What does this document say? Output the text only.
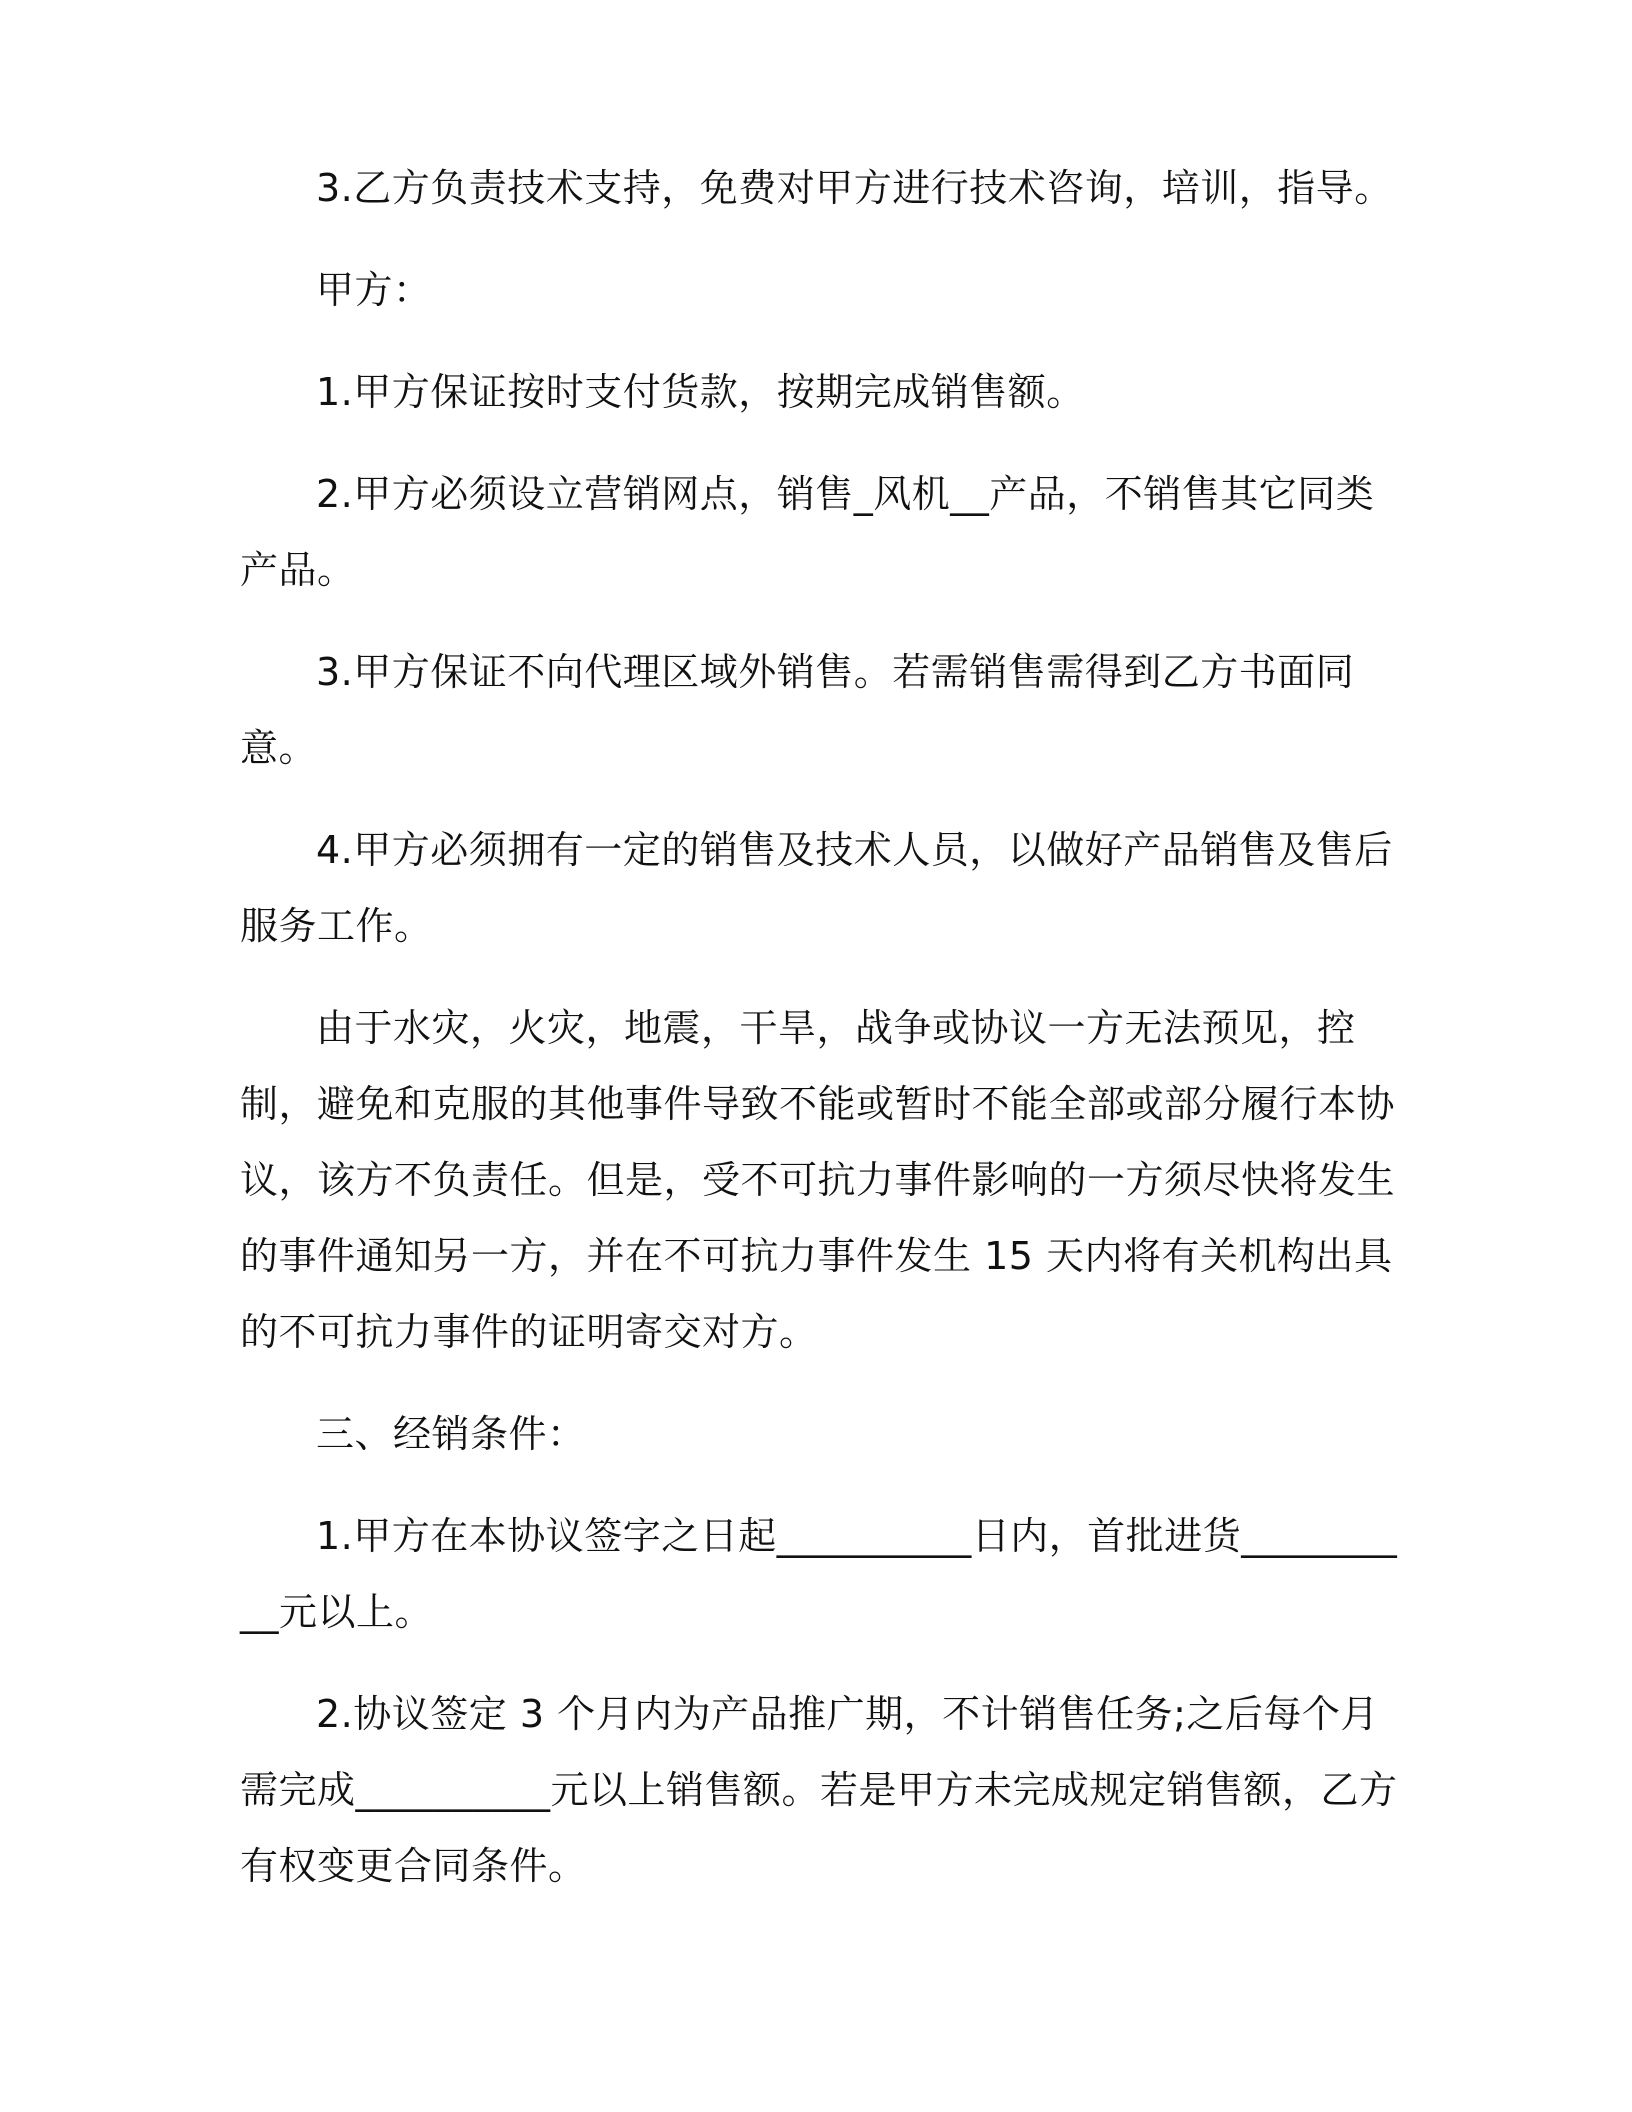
3.乙方负责技术支持，免费对甲方进行技术咨询，培训，指导。

甲方：

1.甲方保证按时支付货款，按期完成销售额。

2.甲方必须设立营销网点，销售_风机__产品，不销售其它同类产品。

3.甲方保证不向代理区域外销售。若需销售需得到乙方书面同意。

4.甲方必须拥有一定的销售及技术人员，以做好产品销售及售后服务工作。

由于水灾，火灾，地震，干旱，战争或协议一方无法预见，控制，避免和克服的其他事件导致不能或暂时不能全部或部分履行本协议，该方不负责任。但是，受不可抗力事件影响的一方须尽快将发生的事件通知另一方，并在不可抗力事件发生 15 天内将有关机构出具的不可抗力事件的证明寄交对方。

三、经销条件：

1.甲方在本协议签字之日起__________日内，首批进货__________元以上。

2.协议签定 3 个月内为产品推广期，不计销售任务;之后每个月需完成__________元以上销售额。若是甲方未完成规定销售额，乙方有权变更合同条件。
